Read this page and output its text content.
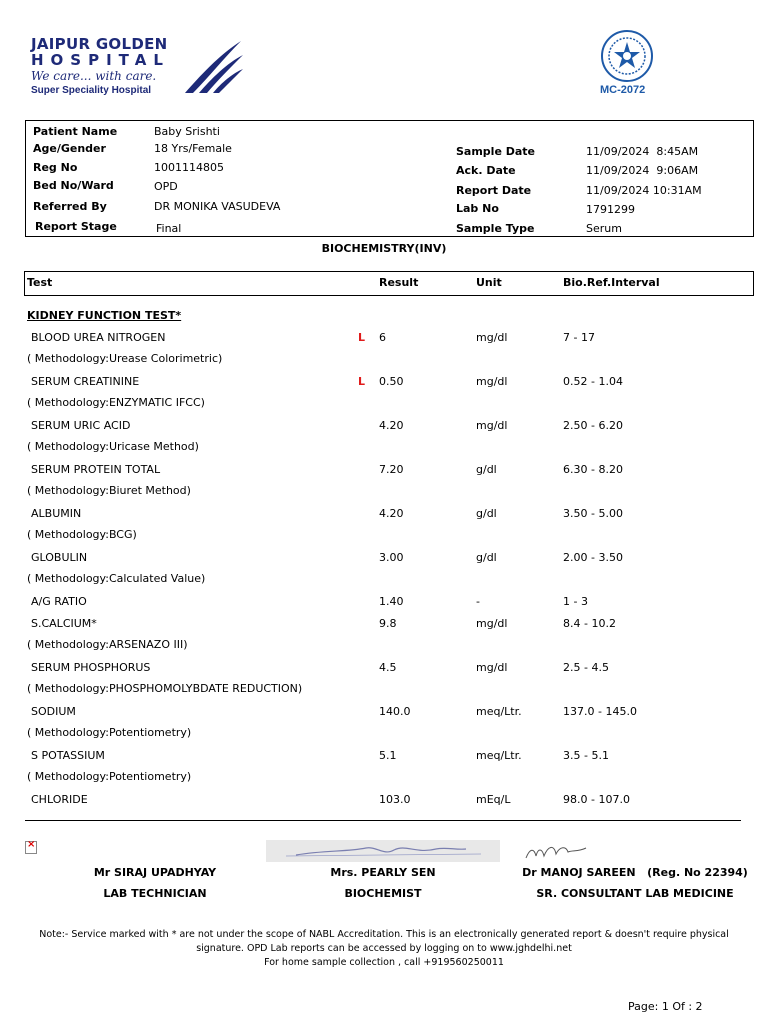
JAIPUR GOLDEN
HOSPITAL
We care... with care.
Super Speciality Hospital	MC-2072
Patient Name	Baby Srishti
Age/Gender	18 Yrs/Female
Reg No	1001114805
Bed No/Ward	OPD
Referred By	DR MONIKA VASUDEVA
Report Stage	Final
Sample Date	11/09/2024  8:45AM
Ack. Date	11/09/2024  9:06AM
Report Date	11/09/2024 10:31AM
Lab No	1791299
Sample Type	Serum
BIOCHEMISTRY(INV)
Test	Result	Unit	Bio.Ref.Interval
KIDNEY FUNCTION TEST*
BLOOD UREA NITROGEN	L 6	mg/dl	7 - 17
( Methodology:Urease Colorimetric)
SERUM CREATININE	L 0.50	mg/dl	0.52 - 1.04
( Methodology:ENZYMATIC IFCC)
SERUM URIC ACID	4.20	mg/dl	2.50 - 6.20
( Methodology:Uricase Method)
SERUM PROTEIN TOTAL	7.20	g/dl	6.30 - 8.20
( Methodology:Biuret Method)
ALBUMIN	4.20	g/dl	3.50 - 5.00
( Methodology:BCG)
GLOBULIN	3.00	g/dl	2.00 - 3.50
( Methodology:Calculated Value)
A/G RATIO	1.40	-	1 - 3
S.CALCIUM*	9.8	mg/dl	8.4 - 10.2
( Methodology:ARSENAZO III)
SERUM PHOSPHORUS	4.5	mg/dl	2.5 - 4.5
( Methodology:PHOSPHOMOLYBDATE REDUCTION)
SODIUM	140.0	meq/Ltr.	137.0 - 145.0
( Methodology:Potentiometry)
S POTASSIUM	5.1	meq/Ltr.	3.5 - 5.1
( Methodology:Potentiometry)
CHLORIDE	103.0	mEq/L	98.0 - 107.0
×
Mr SIRAJ UPADHYAY
LAB TECHNICIAN
Mrs. PEARLY SEN
BIOCHEMIST
Dr MANOJ SAREEN   (Reg. No 22394)
SR. CONSULTANT LAB MEDICINE
Note:- Service marked with * are not under the scope of NABL Accreditation. This is an electronically generated report & doesn't require physical
signature. OPD Lab reports can be accessed by logging on to www.jghdelhi.net
For home sample collection , call +919560250011
Page: 1 Of : 2
